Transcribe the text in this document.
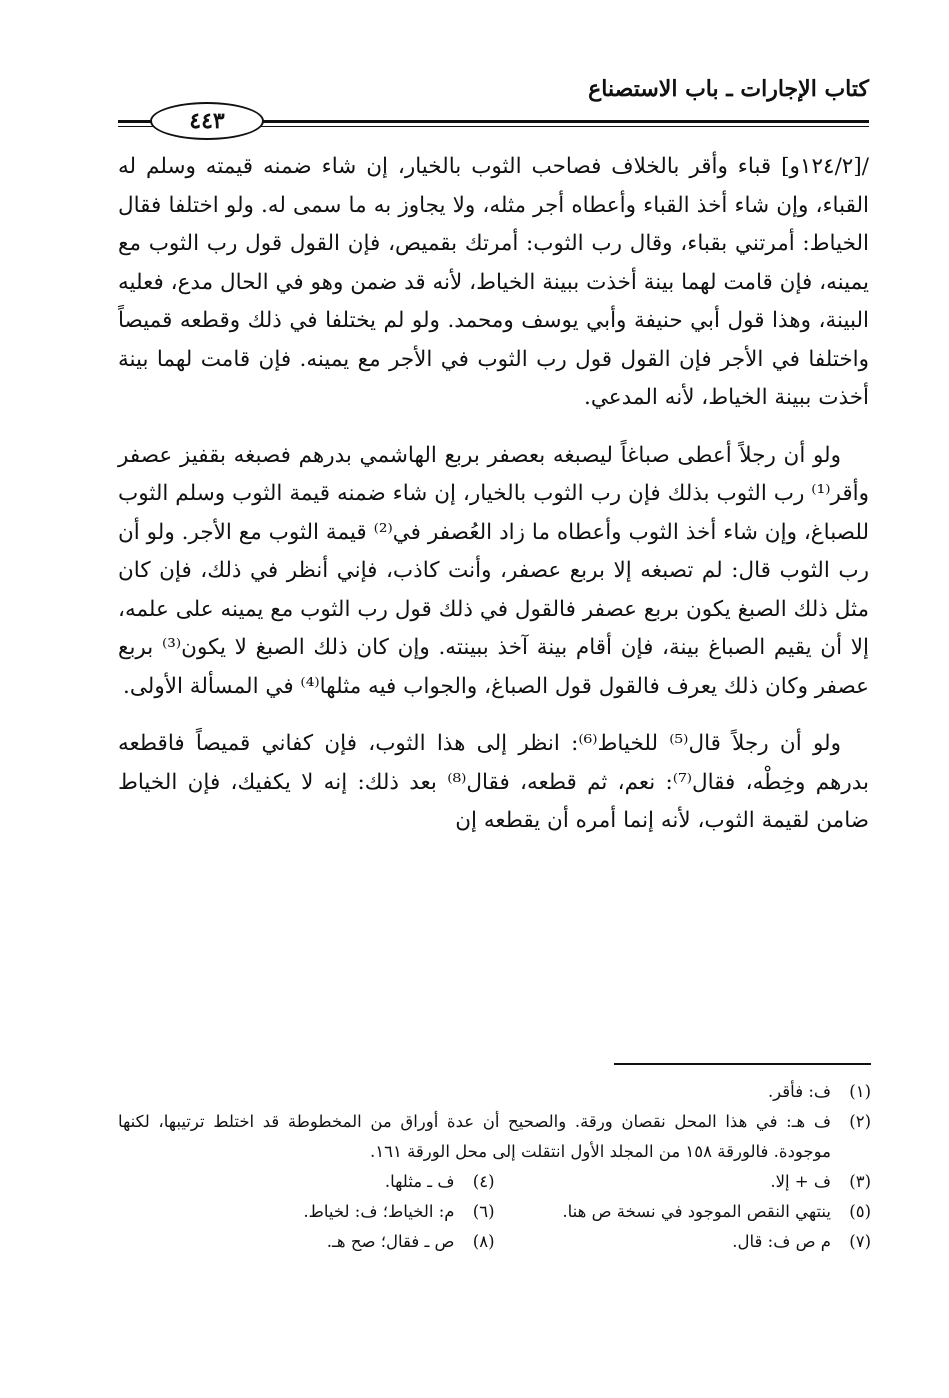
كتاب الإجارات ـ باب الاستصناع
٤٤٣

/[١٢٤/٢و] قباء وأقر بالخلاف فصاحب الثوب بالخيار، إن شاء ضمنه قيمته وسلم له القباء، وإن شاء أخذ القباء وأعطاه أجر مثله، ولا يجاوز به ما سمى له. ولو اختلفا فقال الخياط: أمرتني بقباء، وقال رب الثوب: أمرتك بقميص، فإن القول قول رب الثوب مع يمينه، فإن قامت لهما بينة أخذت ببينة الخياط، لأنه قد ضمن وهو في الحال مدع، فعليه البينة، وهذا قول أبي حنيفة وأبي يوسف ومحمد. ولو لم يختلفا في ذلك وقطعه قميصاً واختلفا في الأجر فإن القول قول رب الثوب في الأجر مع يمينه. فإن قامت لهما بينة أخذت ببينة الخياط، لأنه المدعي.

ولو أن رجلاً أعطى صباغاً ليصبغه بعصفر بربع الهاشمي بدرهم فصبغه بقفيز عصفر وأقر⁽¹⁾ رب الثوب بذلك فإن رب الثوب بالخيار، إن شاء ضمنه قيمة الثوب وسلم الثوب للصباغ، وإن شاء أخذ الثوب وأعطاه ما زاد العُصفر في⁽²⁾ قيمة الثوب مع الأجر. ولو أن رب الثوب قال: لم تصبغه إلا بربع عصفر، وأنت كاذب، فإني أنظر في ذلك، فإن كان مثل ذلك الصبغ يكون بربع عصفر فالقول في ذلك قول رب الثوب مع يمينه على علمه، إلا أن يقيم الصباغ بينة، فإن أقام بينة آخذ ببينته. وإن كان ذلك الصبغ لا يكون⁽³⁾ بربع عصفر وكان ذلك يعرف فالقول قول الصباغ، والجواب فيه مثلها⁽⁴⁾ في المسألة الأولى.

ولو أن رجلاً قال⁽⁵⁾ للخياط⁽⁶⁾: انظر إلى هذا الثوب، فإن كفاني قميصاً فاقطعه بدرهم وخِطْه، فقال⁽⁷⁾: نعم، ثم قطعه، فقال⁽⁸⁾ بعد ذلك: إنه لا يكفيك، فإن الخياط ضامن لقيمة الثوب، لأنه إنما أمره أن يقطعه إن

(١)
ف: فأقر.
(٢)
ف هـ: في هذا المحل نقصان ورقة. والصحيح أن عدة أوراق من المخطوطة قد اختلط ترتيبها، لكنها موجودة. فالورقة ١٥٨ من المجلد الأول انتقلت إلى محل الورقة ١٦١.
(٣)
ف + إلا.
(٤)
ف ـ مثلها.
(٥)
ينتهي النقص الموجود في نسخة ص هنا.
(٦)
م: الخياط؛ ف: لخياط.
(٧)
م ص ف: قال.
(٨)
ص ـ فقال؛ صح هـ.
